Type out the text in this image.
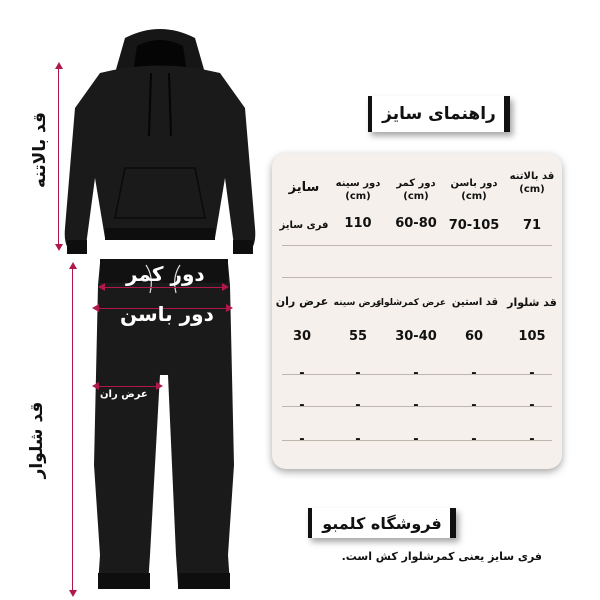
قد بالاتنه
قد شلوار
دور کمر
دور باسن
عرض ران
راهنمای سایز
قد بالاتنه
(cm)
دور باسن
(cm)
دور کمر
(cm)
دور سینه
(cm)
سایز
71
70-105
60-80
110
فری سایز
قد شلوار
قد استین
عرض کمرشلوار
عرض سینه
عرض ران
105
60
30-40
55
30
-
-
-
-
-
-
-
-
-
-
-
-
-
-
-
فروشگاه کلمبو
فری سایز یعنی کمرشلوار کش است.
